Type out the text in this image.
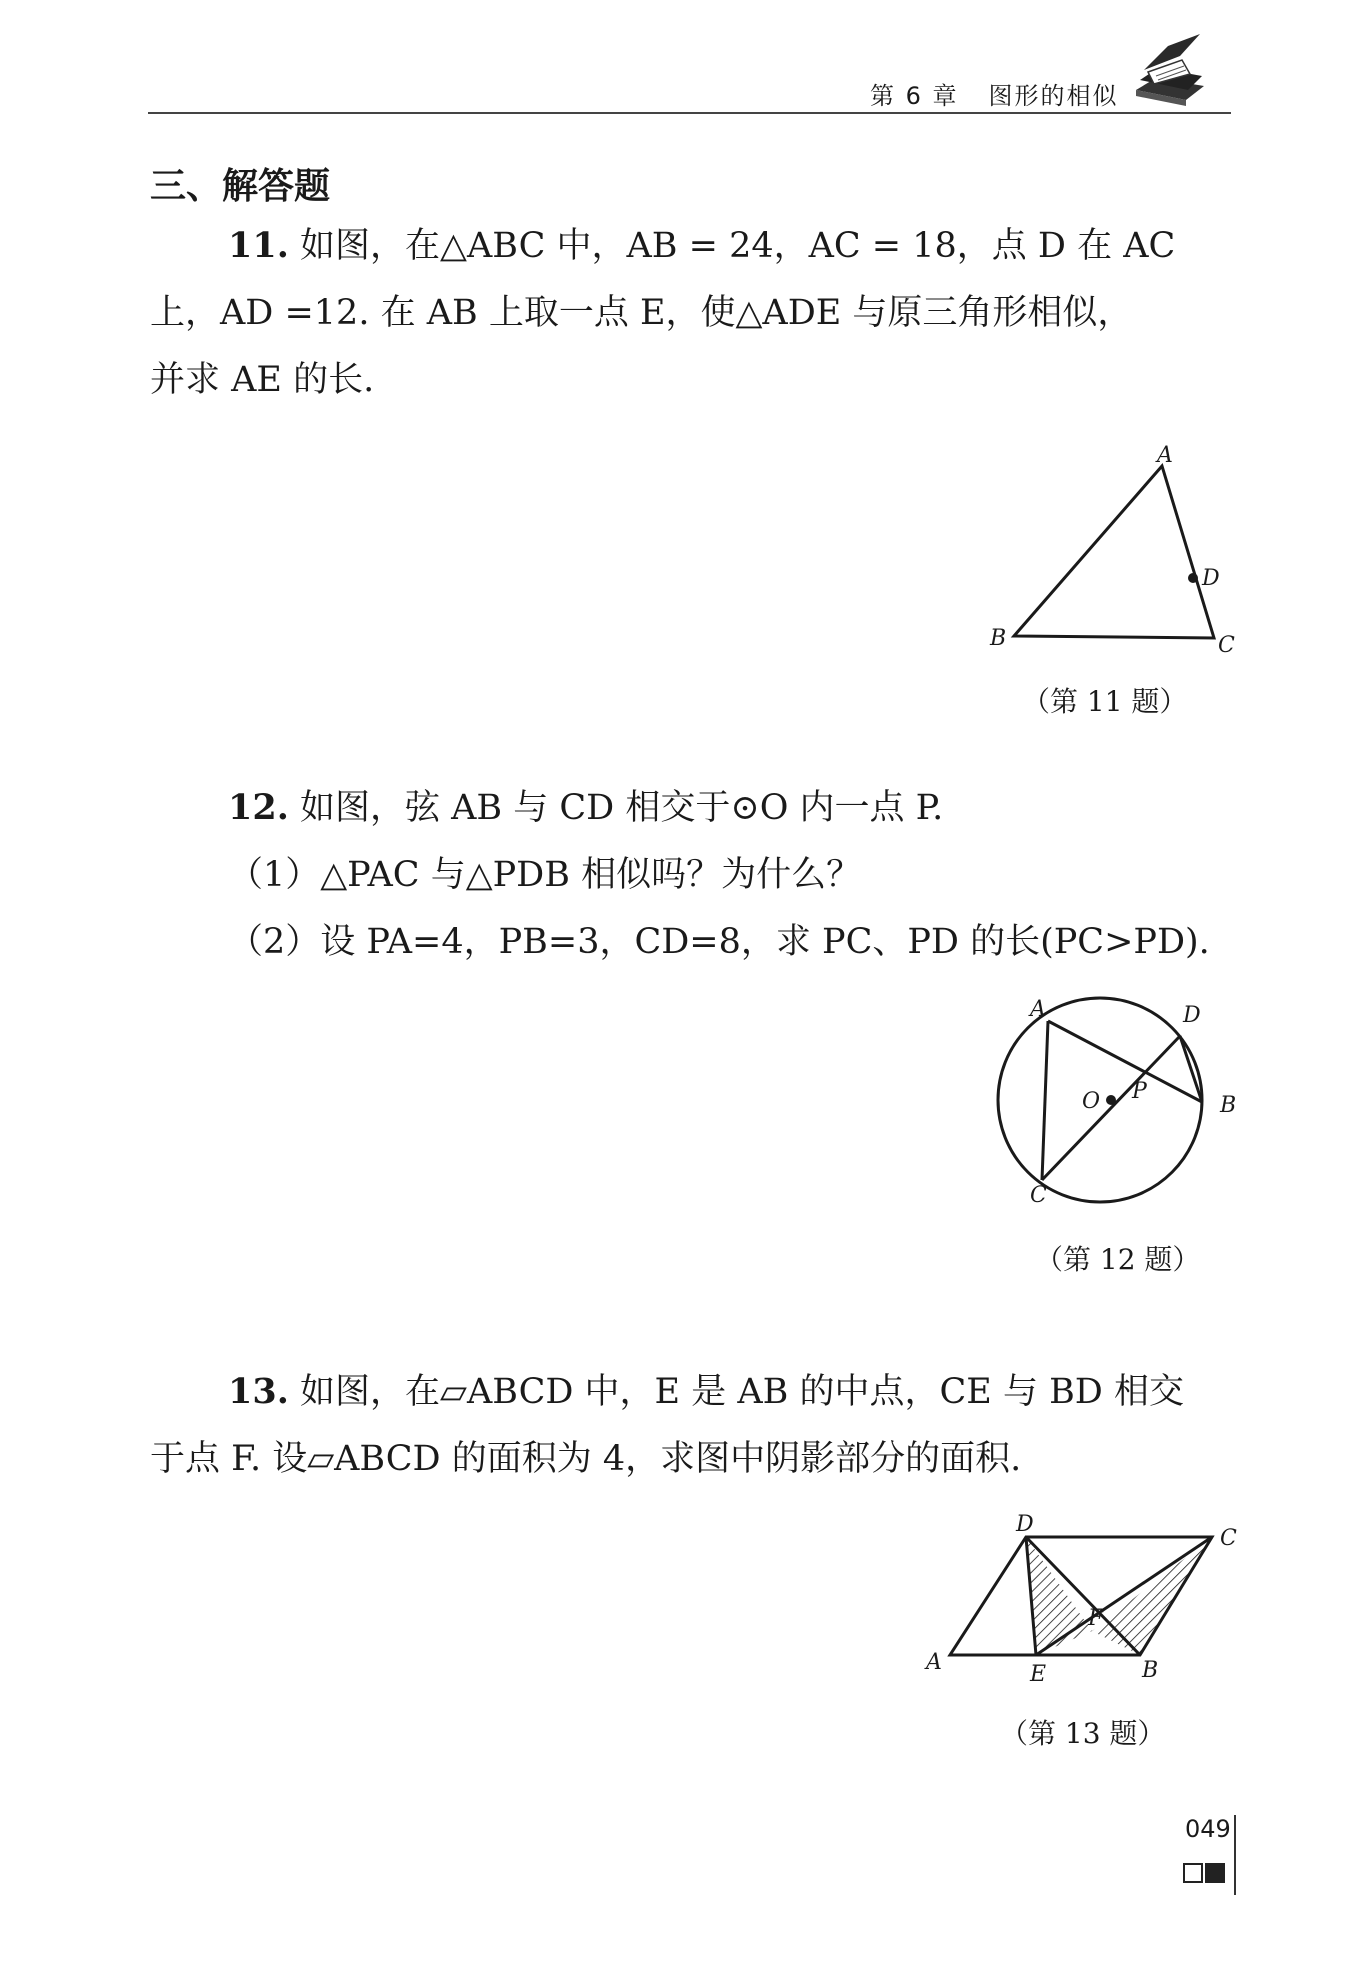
第 6 章 图形的相似
三、解答题
11. 如图，在△ABC 中，AB = 24，AC = 18，点 D 在 AC
上，AD =12. 在 AB 上取一点 E，使△ADE 与原三角形相似，
并求 AE 的长.
A
B	C
D
（第 11 题）
12. 如图，弦 AB 与 CD 相交于⊙O 内一点 P.
（1）△PAC 与△PDB 相似吗？为什么？
（2）设 PA=4，PB=3，CD=8，求 PC、PD 的长(PC>PD).
A
B
C
D
O P
（第 12 题）
13. 如图，在▱ABCD 中，E 是 AB 的中点，CE 与 BD 相交
于点 F. 设▱ABCD 的面积为 4，求图中阴影部分的面积.
D
C
A	E	B
F
（第 13 题）
049
